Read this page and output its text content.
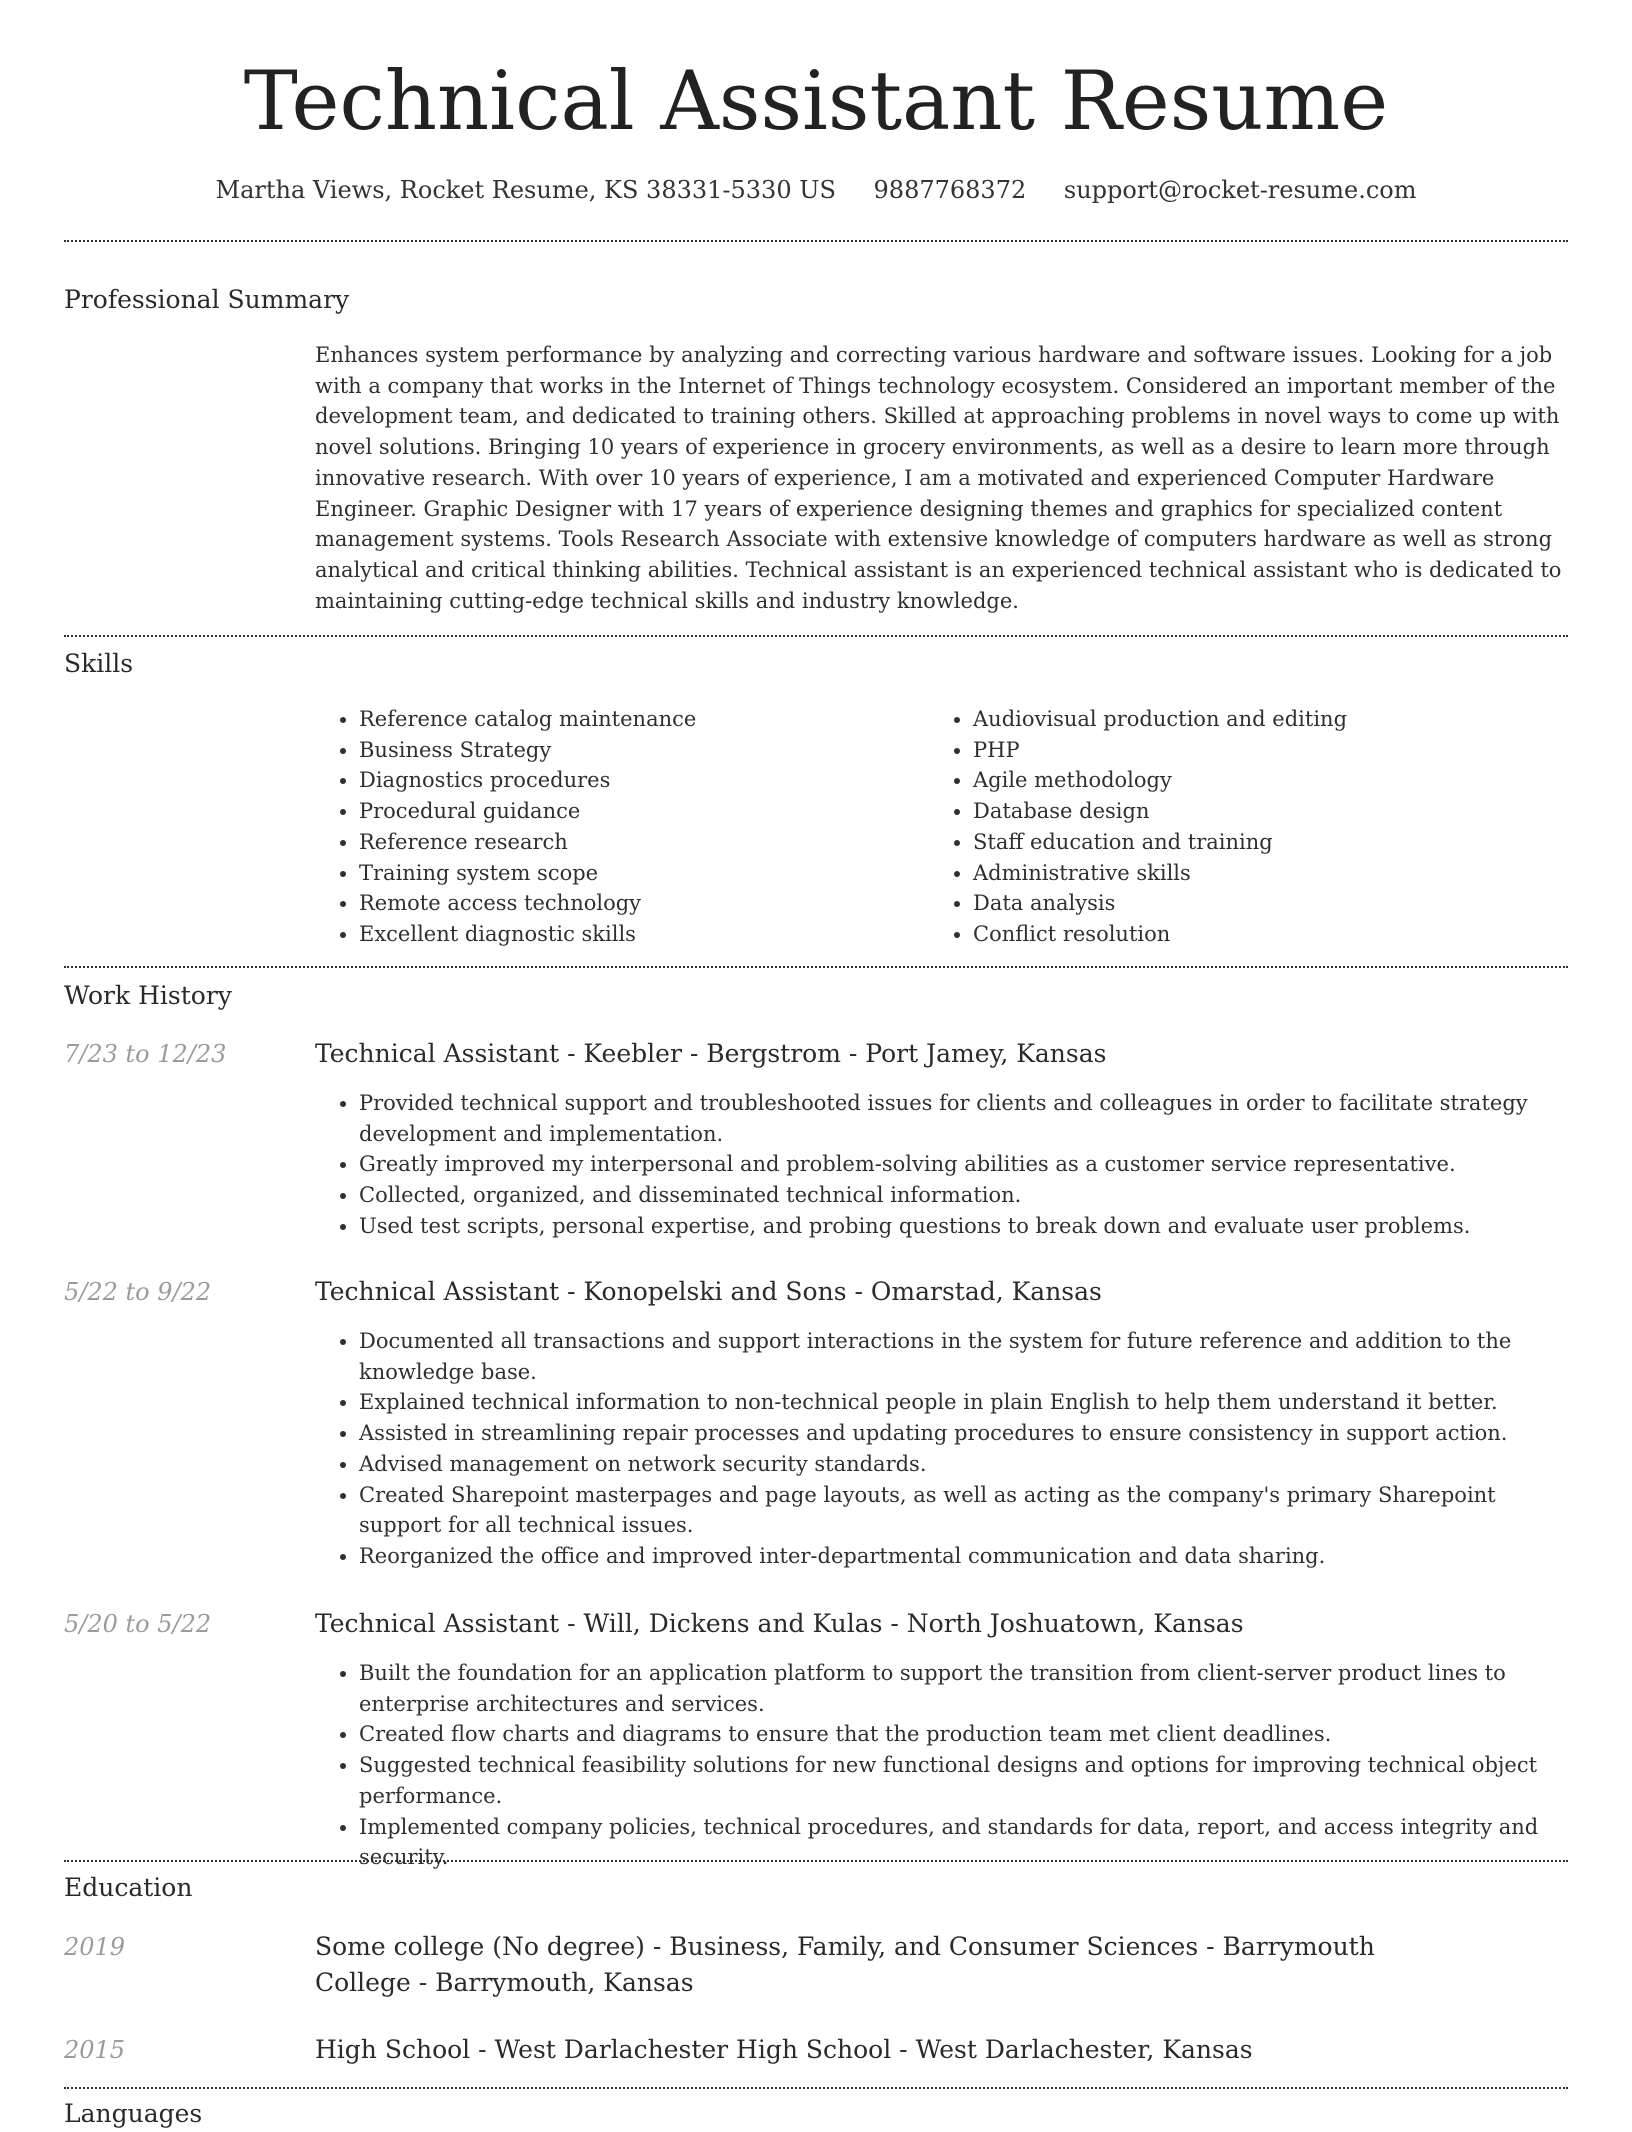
Technical Assistant Resume
Martha Views, Rocket Resume, KS 38331-5330 US 9887768372 support@rocket-resume.com
Professional Summary

Enhances system performance by analyzing and correcting various hardware and software issues. Looking for a job with a company that works in the Internet of Things technology ecosystem. Considered an important member of the development team, and dedicated to training others. Skilled at approaching problems in novel ways to come up with novel solutions. Bringing 10 years of experience in grocery environments, as well as a desire to learn more through innovative research. With over 10 years of experience, I am a motivated and experienced Computer Hardware Engineer. Graphic Designer with 17 years of experience designing themes and graphics for specialized content management systems. Tools Research Associate with extensive knowledge of computers hardware as well as strong analytical and critical thinking abilities. Technical assistant is an experienced technical assistant who is dedicated to maintaining cutting-edge technical skills and industry knowledge.

Skills
• Reference catalog maintenance
• Business Strategy
• Diagnostics procedures
• Procedural guidance
• Reference research
• Training system scope
• Remote access technology
• Excellent diagnostic skills
• Audiovisual production and editing
• PHP
• Agile methodology
• Database design
• Staff education and training
• Administrative skills
• Data analysis
• Conflict resolution
Work History
7/23 to 12/23	Technical Assistant - Keebler - Bergstrom - Port Jamey, Kansas
• Provided technical support and troubleshooted issues for clients and colleagues in order to facilitate strategy development and implementation.
• Greatly improved my interpersonal and problem-solving abilities as a customer service representative.
• Collected, organized, and disseminated technical information.
• Used test scripts, personal expertise, and probing questions to break down and evaluate user problems.
5/22 to 9/22	Technical Assistant - Konopelski and Sons - Omarstad, Kansas
• Documented all transactions and support interactions in the system for future reference and addition to the knowledge base.
• Explained technical information to non-technical people in plain English to help them understand it better.
• Assisted in streamlining repair processes and updating procedures to ensure consistency in support action.
• Advised management on network security standards.
• Created Sharepoint masterpages and page layouts, as well as acting as the company's primary Sharepoint support for all technical issues.
• Reorganized the office and improved inter-departmental communication and data sharing.
5/20 to 5/22	Technical Assistant - Will, Dickens and Kulas - North Joshuatown, Kansas
• Built the foundation for an application platform to support the transition from client-server product lines to enterprise architectures and services.
• Created flow charts and diagrams to ensure that the production team met client deadlines.
• Suggested technical feasibility solutions for new functional designs and options for improving technical object performance.
• Implemented company policies, technical procedures, and standards for data, report, and access integrity and security.
Education
2019	Some college (No degree) - Business, Family, and Consumer Sciences - Barrymouth College - Barrymouth, Kansas
2015	High School - West Darlachester High School - West Darlachester, Kansas
Languages
